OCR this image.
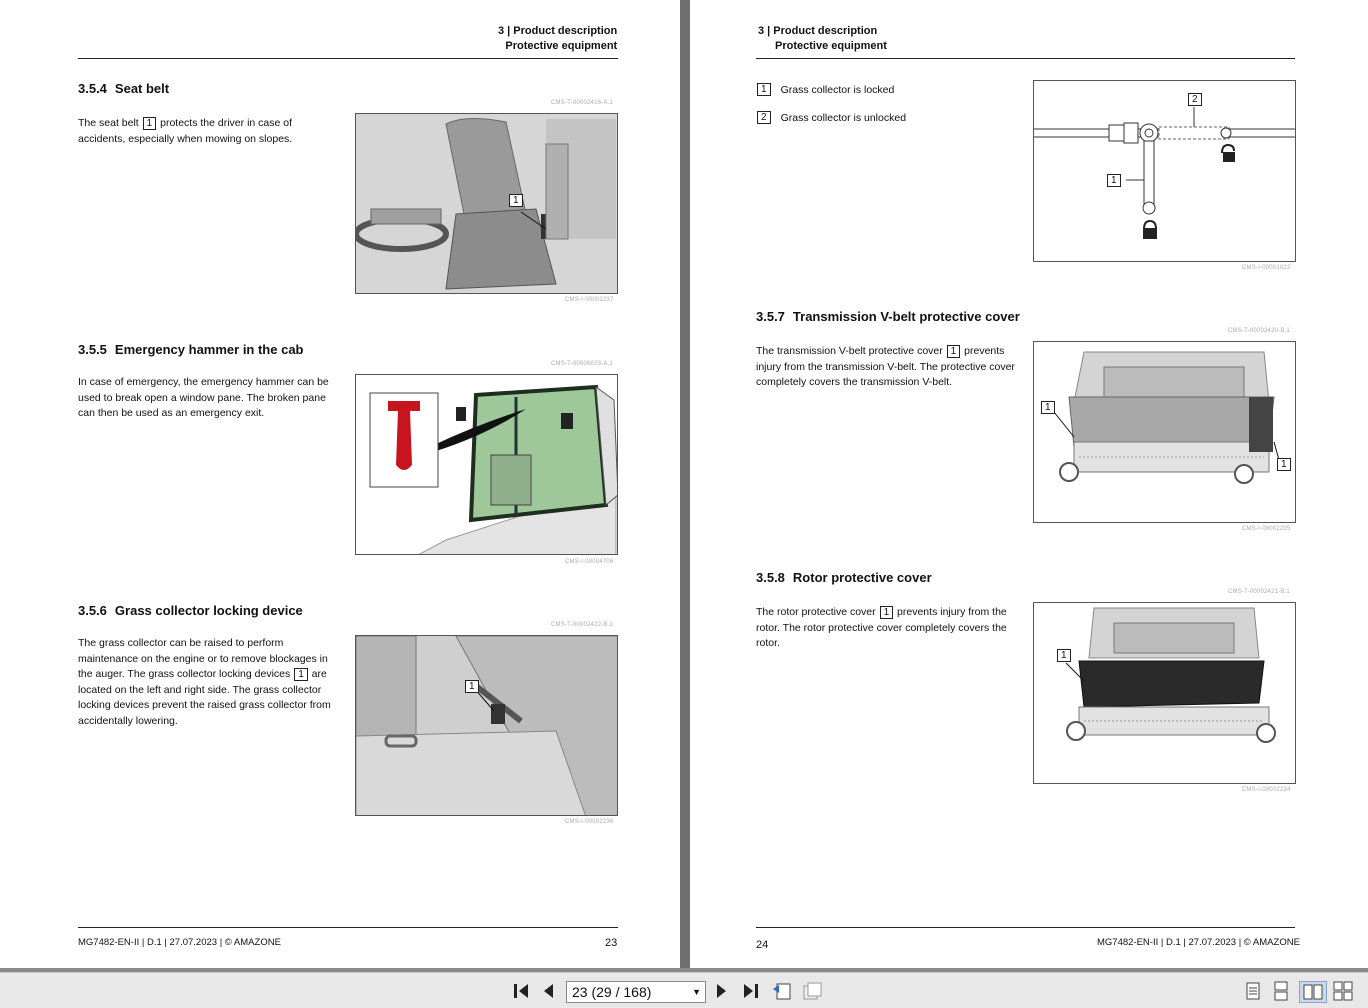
3 | Product description
Protective equipment
3.5.4 Seat belt
CMS-T-00002416-A.1
The seat belt 1 protects the driver in case of accidents, especially when mowing on slopes.
1
CMS-I-00002237
3.5.5 Emergency hammer in the cab
CMS-T-00006823-A.1
In case of emergency, the emergency hammer can be used to break open a window pane. The broken pane can then be used as an emergency exit.
CMS-I-00004706
3.5.6 Grass collector locking device
CMS-T-00002422-B.1
The grass collector can be raised to perform maintenance on the engine or to remove blockages in the auger. The grass collector locking devices 1 are located on the left and right side. The grass collector locking devices prevent the raised grass collector from accidentally lowering.
1
CMS-I-00002236
MG7482-EN-II | D.1 | 27.07.2023 | © AMAZONE	23
3 | Product description
Protective equipment
1	Grass collector is locked
2	Grass collector is unlocked
2
1
CMS-I-00001022
3.5.7 Transmission V-belt protective cover
CMS-T-00002420-B.1
The transmission V-belt protective cover 1 prevents injury from the transmission V-belt. The protective cover completely covers the transmission V-belt.
1
1
CMS-I-00002235
3.5.8 Rotor protective cover
CMS-T-00002421-B.1
The rotor protective cover 1 prevents injury from the rotor. The rotor protective cover completely covers the rotor.
1
CMS-I-00002234
24	MG7482-EN-II | D.1 | 27.07.2023 | © AMAZONE
23 (29 / 168)	▼
